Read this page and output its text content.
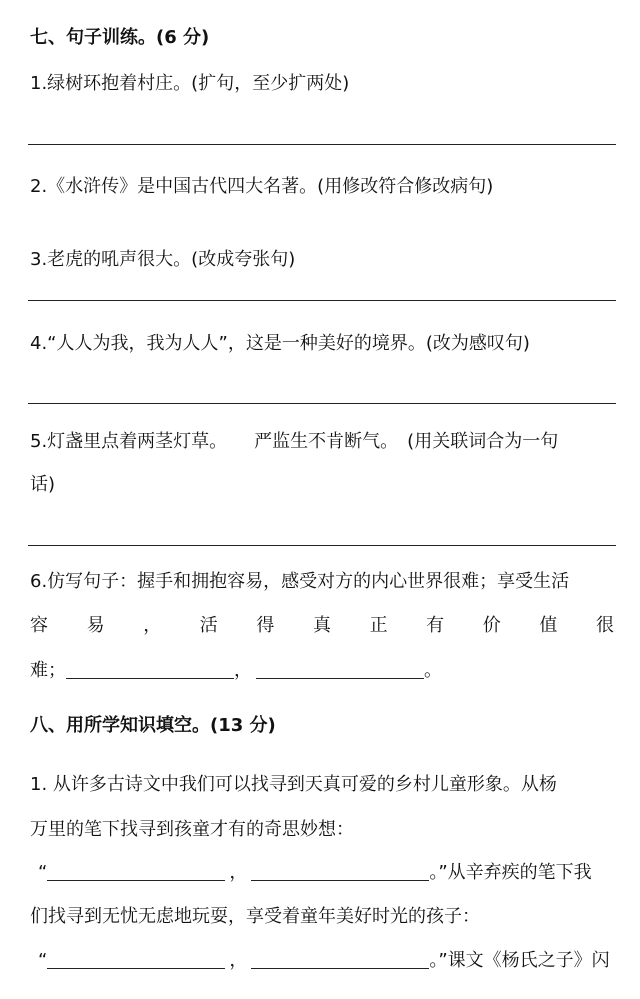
七、句子训练。(6 分)
1.绿树环抱着村庄。(扩句，至少扩两处)
2.《水浒传》是中国古代四大名著。(用修改符合修改病句)
3.老虎的吼声很大。(改成夸张句)
4.“人人为我，我为人人”，这是一种美好的境界。(改为感叹句)
5.灯盏里点着两茎灯草。　　严监生不肯断气。　(用关联词合为一句
话)
6.仿写句子：握手和拥抱容易，感受对方的内心世界很难；享受生活
容 易 ， 活 得 真 正 有 价 值 很
难；	，	。
八、用所学知识填空。(13 分)
1. 从许多古诗文中我们可以找寻到天真可爱的乡村儿童形象。从杨
万里的笔下找寻到孩童才有的奇思妙想：
“	，	。”从辛弃疾的笔下我
们找寻到无忧无虑地玩耍，享受着童年美好时光的孩子：
“	，	。”课文《杨氏之子》闪
